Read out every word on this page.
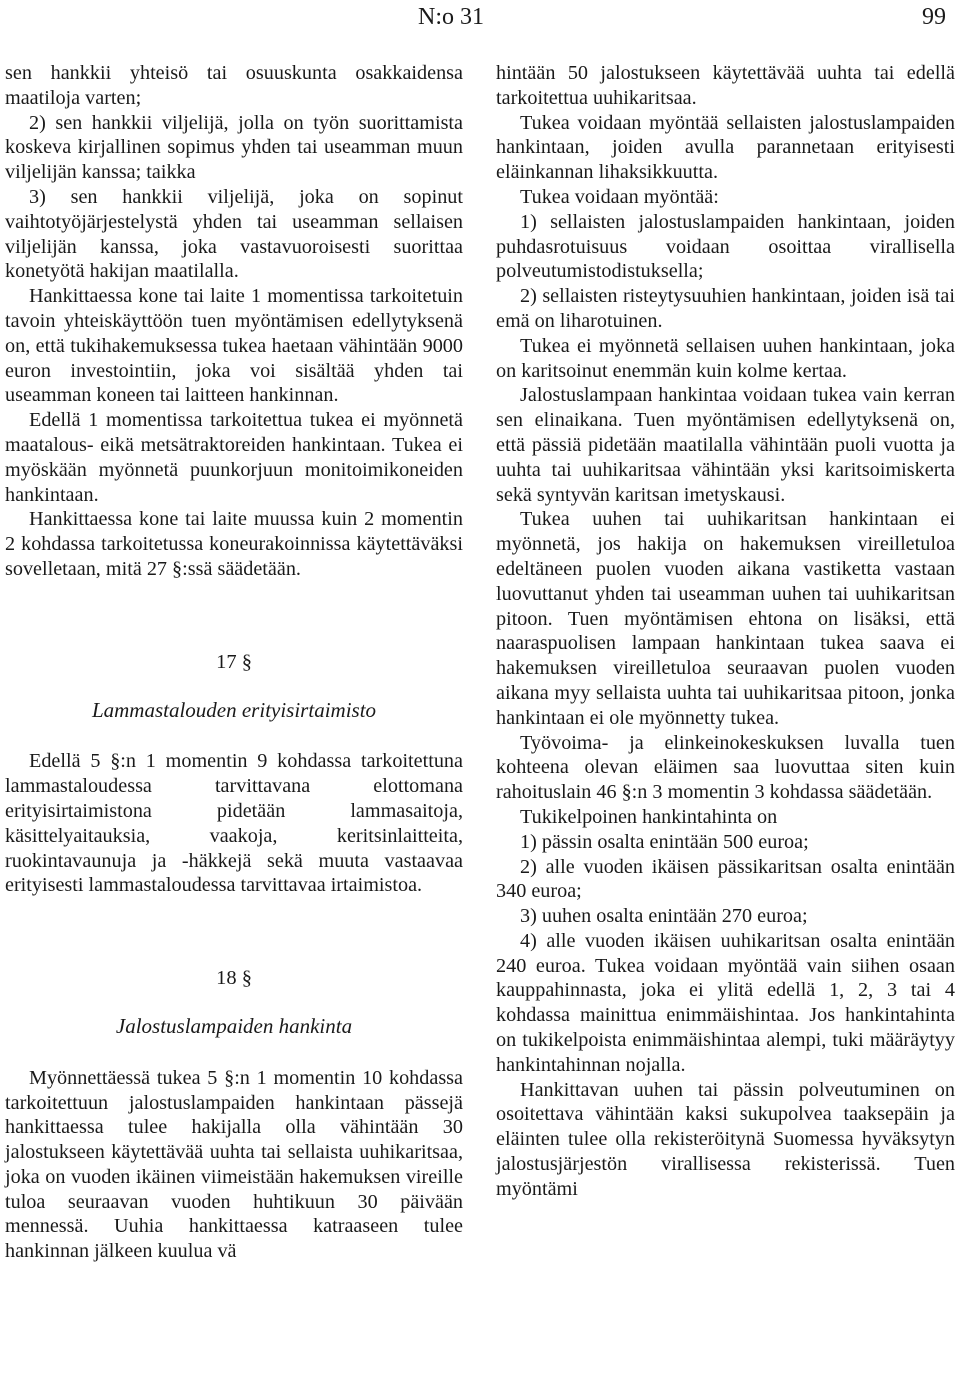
N:o 31	99

sen hankkii yhteisö tai osuuskunta osakkaidensa maatiloja varten;

2) sen hankkii viljelijä, jolla on työn suorittamista koskeva kirjallinen sopimus yhden tai useamman muun viljelijän kanssa; taikka

3) sen hankkii viljelijä, joka on sopinut vaihtotyöjärjestelystä yhden tai useamman sellaisen viljelijän kanssa, joka vastavuoroisesti suorittaa konetyötä hakijan maatilalla.

Hankittaessa kone tai laite 1 momentissa tarkoitetuin tavoin yhteiskäyttöön tuen myöntämisen edellytyksenä on, että tukihakemuksessa tukea haetaan vähintään 9000 euron investointiin, joka voi sisältää yhden tai useamman koneen tai laitteen hankinnan.

Edellä 1 momentissa tarkoitettua tukea ei myönnetä maatalous- eikä metsätraktoreiden hankintaan. Tukea ei myöskään myönnetä puunkorjuun monitoimikoneiden hankintaan.

Hankittaessa kone tai laite muussa kuin 2 momentin 2 kohdassa tarkoitetussa koneurakoinnissa käytettäväksi sovelletaan, mitä 27 §:ssä säädetään.

17 §

Lammastalouden erityisirtaimisto

Edellä 5 §:n 1 momentin 9 kohdassa tarkoitettuna lammastaloudessa tarvittavana elottomana erityisirtaimistona pidetään lammasaitoja, käsittelyaitauksia, vaakoja, keritsinlaitteita, ruokintavaunuja ja -häkkejä sekä muuta vastaavaa erityisesti lammastaloudessa tarvittavaa irtaimistoa.

18 §

Jalostuslampaiden hankinta

Myönnettäessä tukea 5 §:n 1 momentin 10 kohdassa tarkoitettuun jalostuslampaiden hankintaan pässejä hankittaessa tulee hakijalla olla vähintään 30 jalostukseen käytettävää uuhta tai sellaista uuhikaritsaa, joka on vuoden ikäinen viimeistään hakemuksen vireille tuloa seuraavan vuoden huhtikuun 30 päivään mennessä. Uuhia hankittaessa katraaseen tulee hankinnan jälkeen kuulua vä

hintään 50 jalostukseen käytettävää uuhta tai edellä tarkoitettua uuhikaritsaa.

Tukea voidaan myöntää sellaisten jalostuslampaiden hankintaan, joiden avulla parannetaan erityisesti eläinkannan lihaksikkuutta.

Tukea voidaan myöntää:

1) sellaisten jalostuslampaiden hankintaan, joiden puhdasrotuisuus voidaan osoittaa virallisella polveutumistodistuksella;

2) sellaisten risteytysuuhien hankintaan, joiden isä tai emä on liharotuinen.

Tukea ei myönnetä sellaisen uuhen hankintaan, joka on karitsoinut enemmän kuin kolme kertaa.

Jalostuslampaan hankintaa voidaan tukea vain kerran sen elinaikana. Tuen myöntämisen edellytyksenä on, että pässiä pidetään maatilalla vähintään puoli vuotta ja uuhta tai uuhikaritsaa vähintään yksi karitsoimiskerta sekä syntyvän karitsan imetyskausi.

Tukea uuhen tai uuhikaritsan hankintaan ei myönnetä, jos hakija on hakemuksen vireilletuloa edeltäneen puolen vuoden aikana vastiketta vastaan luovuttanut yhden tai useamman uuhen tai uuhikaritsan pitoon. Tuen myöntämisen ehtona on lisäksi, että naaraspuolisen lampaan hankintaan tukea saava ei hakemuksen vireilletuloa seuraavan puolen vuoden aikana myy sellaista uuhta tai uuhikaritsaa pitoon, jonka hankintaan ei ole myönnetty tukea.

Työvoima- ja elinkeinokeskuksen luvalla tuen kohteena olevan eläimen saa luovuttaa siten kuin rahoituslain 46 §:n 3 momentin 3 kohdassa säädetään.

Tukikelpoinen hankintahinta on

1) pässin osalta enintään 500 euroa;

2) alle vuoden ikäisen pässikaritsan osalta enintään 340 euroa;

3) uuhen osalta enintään 270 euroa;

4) alle vuoden ikäisen uuhikaritsan osalta enintään 240 euroa. Tukea voidaan myöntää vain siihen osaan kauppahinnasta, joka ei ylitä edellä 1, 2, 3 tai 4 kohdassa mainittua enimmäishintaa. Jos hankintahinta on tukikelpoista enimmäishintaa alempi, tuki määräytyy hankintahinnan nojalla.

Hankittavan uuhen tai pässin polveutuminen on osoitettava vähintään kaksi sukupolvea taaksepäin ja eläinten tulee olla rekisteröitynä Suomessa hyväksytyn jalostusjärjestön virallisessa rekisterissä. Tuen myöntämi
